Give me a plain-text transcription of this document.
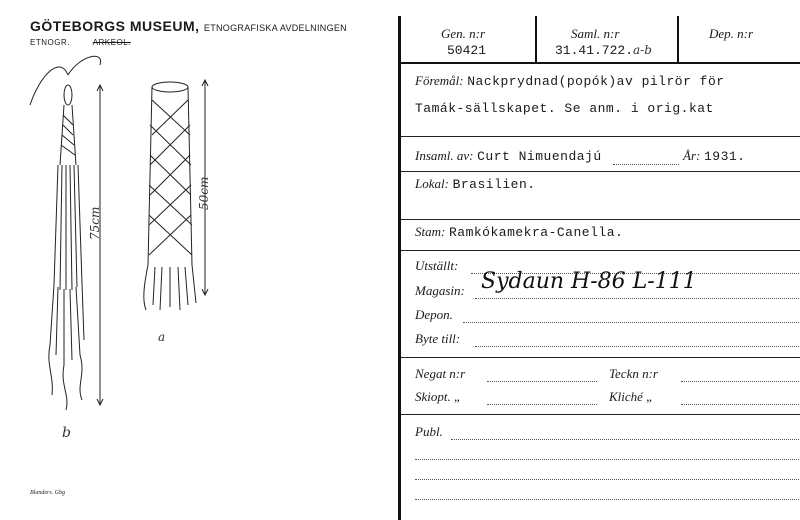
GÖTEBORGS MUSEUM, ETNOGRAFISKA AVDELNINGEN
ETNOGR.	ARKEOL.
75cm
50cm
a
b
Blanders. Gbg
Gen. n:r
50421
Saml. n:r
31.41.722.a-b
Dep. n:r
Föremål: Nackprydnad(popók)av pilrör för
Tamák-sällskapet. Se anm. i orig.kat
Insaml. av: Curt Nimuendajú	År: 1931.
Lokal: Brasilien.
Stam: Ramkókamekra-Canella.
Utställt:
Magasin: Sydaun H-86 L-111
Depon.
Byte till:
Negat n:r	Teckn n:r
Skiopt. „	Kliché „
Publ.
